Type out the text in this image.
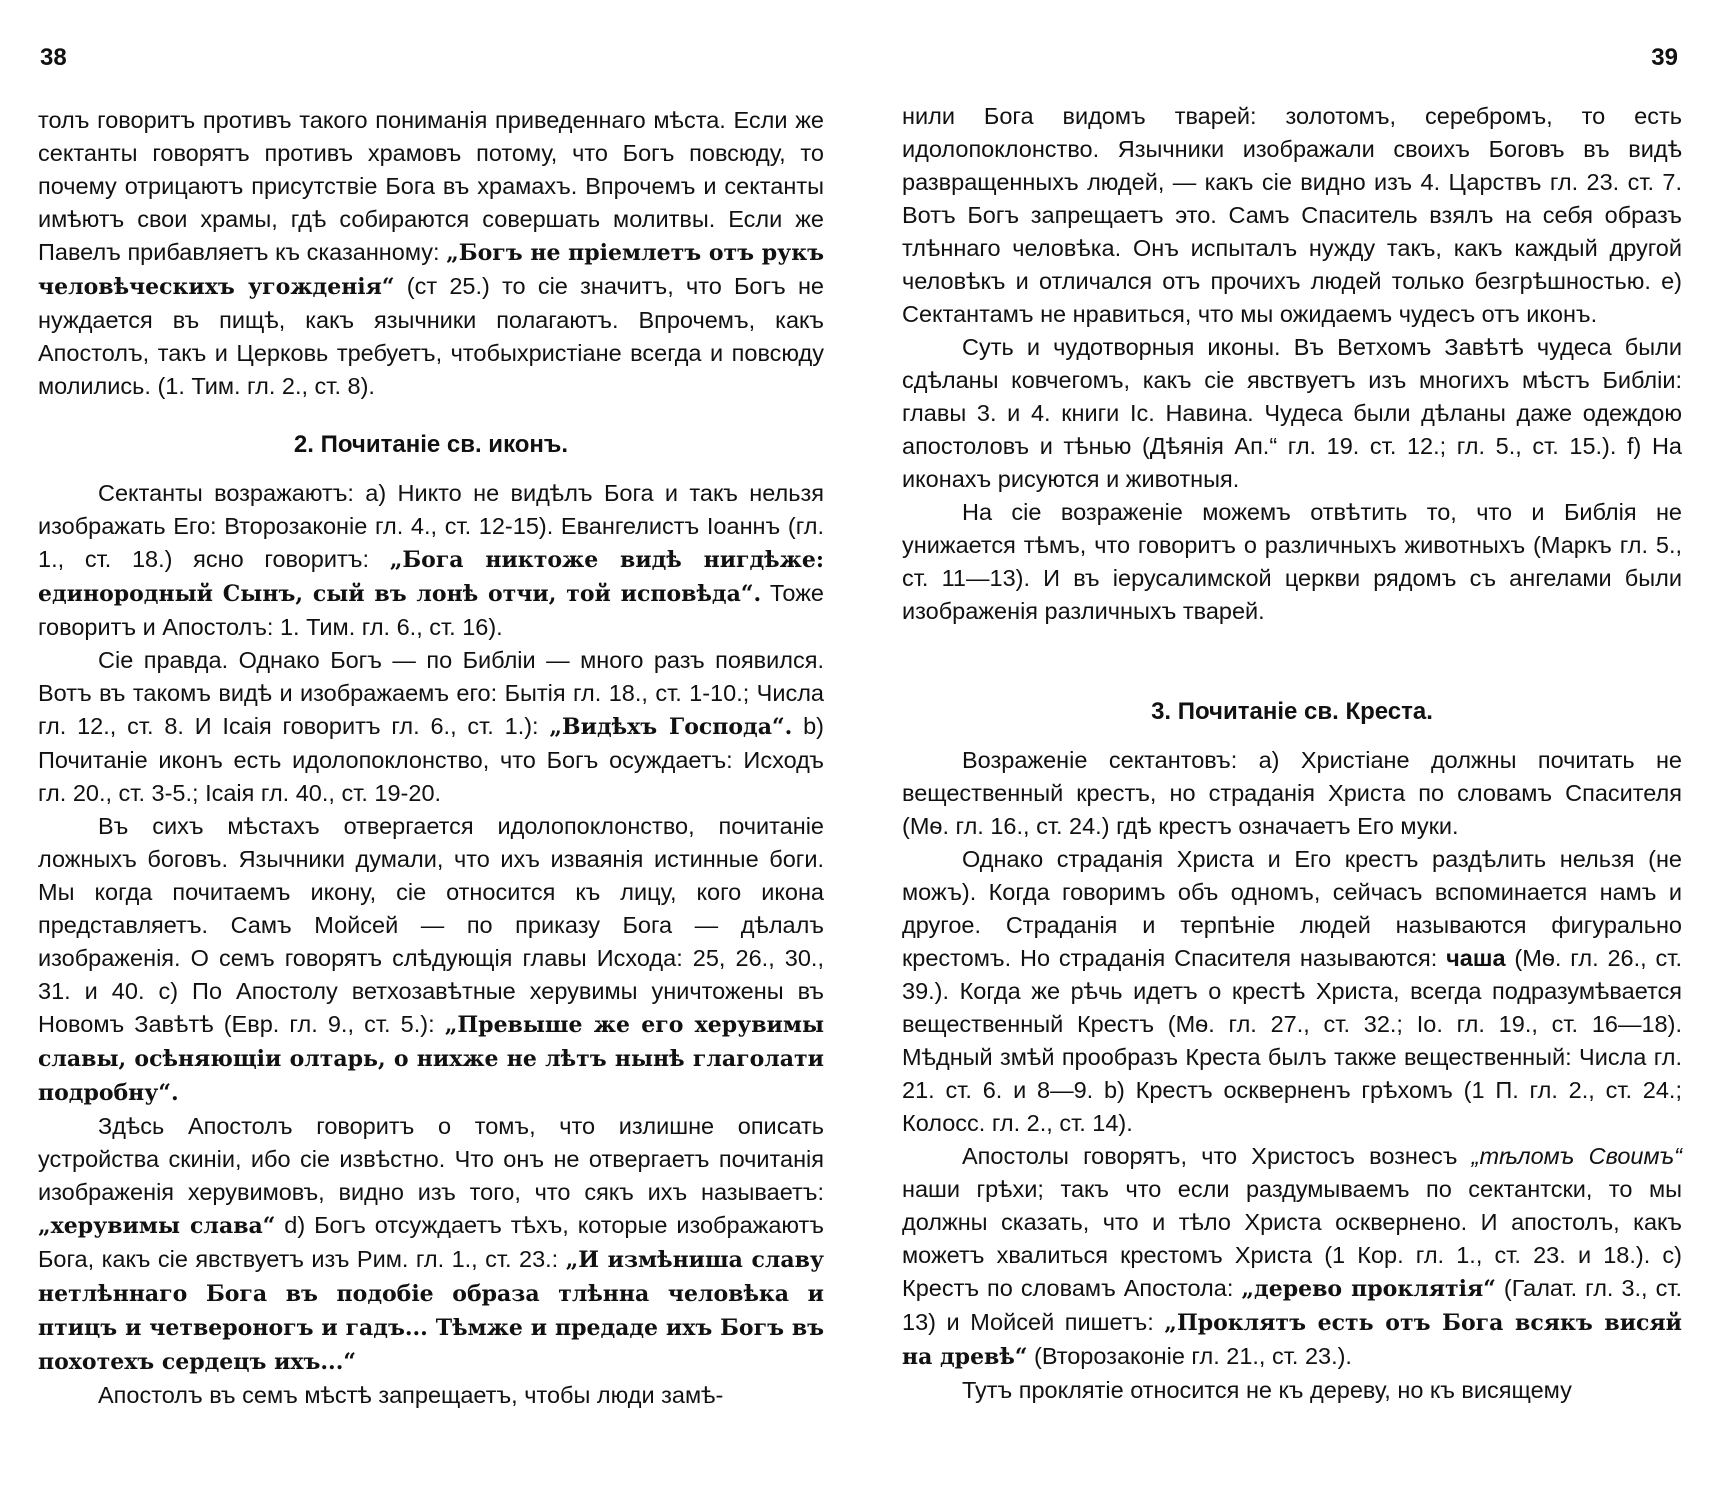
38

толъ говоритъ противъ такого пониманія приведеннаго мѣста. Если же сектанты говорятъ противъ храмовъ потому, что Богъ повсюду, то почему отрицаютъ присутствіе Бога въ храмахъ. Впрочемъ и сектанты имѣютъ свои храмы, гдѣ собираются совершать молитвы. Если же Павелъ прибавляетъ къ сказанному: „Богъ не пріемлетъ отъ рукъ человѣческихъ угожденія“ (ст 25.) то сіе значитъ, что Богъ не нуждается въ пищѣ, какъ язычники полагаютъ. Впрочемъ, какъ Апостолъ, такъ и Церковь требуетъ, чтобыхристіане всегда и повсюду молились. (1. Тим. гл. 2., ст. 8).

2. Почитаніе св. иконъ.

Сектанты возражаютъ: а) Никто не видѣлъ Бога и такъ нельзя изображать Его: Второзаконіе гл. 4., ст. 12-15). Евангелистъ Іоаннъ (гл. 1., ст. 18.) ясно говоритъ: „Бога никтоже видѣ нигдѣже: единородный Сынъ, сый въ лонѣ отчи, той исповѣда“. Тоже говоритъ и Апостолъ: 1. Тим. гл. 6., ст. 16).

Сіе правда. Однако Богъ — по Библіи — много разъ появился. Вотъ въ такомъ видѣ и изображаемъ его: Бытія гл. 18., ст. 1-10.; Числа гл. 12., ст. 8. И Ісаія говоритъ гл. 6., ст. 1.): „Видѣхъ Господа“. b) Почитаніе иконъ есть идолопоклонство, что Богъ осуждаетъ: Исходъ гл. 20., ст. 3-5.; Ісаія гл. 40., ст. 19-20.

Въ сихъ мѣстахъ отвергается идолопоклонство, почитаніе ложныхъ боговъ. Язычники думали, что ихъ изваянія истинные боги. Мы когда почитаемъ икону, сіе относится къ лицу, кого икона представляетъ. Самъ Мойсей — по приказу Бога — дѣлалъ изображенія. О семъ говорятъ слѣдующія главы Исхода: 25, 26., 30., 31. и 40. c) По Апостолу ветхозавѣтные херувимы уничтожены въ Новомъ Завѣтѣ (Евр. гл. 9., ст. 5.): „Превыше же его херувимы славы, осѣняющіи олтарь, о нихже не лѣтъ нынѣ глаголати подробну“.

Здѣсь Апостолъ говоритъ о томъ, что излишне описать устройства скиніи, ибо сіе извѣстно. Что онъ не отвергаетъ почитанія изображенія херувимовъ, видно изъ того, что сякъ ихъ называетъ: „херувимы слава“ d) Богъ отсуждаетъ тѣхъ, которые изображаютъ Бога, какъ сіе явствуетъ изъ Рим. гл. 1., ст. 23.: „И измѣниша славу нетлѣннаго Бога въ подобіе образа тлѣнна человѣка и птицъ и четвероногъ и гадъ... Тѣмже и предаде ихъ Богъ въ похотехъ сердецъ ихъ...“

Апостолъ въ семъ мѣстѣ запрещаетъ, чтобы люди замѣ-

39

нили Бога видомъ тварей: золотомъ, серебромъ, то есть идолопоклонство. Язычники изображали своихъ Боговъ въ видѣ развращенныхъ людей, — какъ сіе видно изъ 4. Царствъ гл. 23. ст. 7. Вотъ Богъ запрещаетъ это. Самъ Спаситель взялъ на себя образъ тлѣннаго человѣка. Онъ испыталъ нужду такъ, какъ каждый другой человѣкъ и отличался отъ прочихъ людей только безгрѣшностью. e) Сектантамъ не нравиться, что мы ожидаемъ чудесъ отъ иконъ.

Суть и чудотворныя иконы. Въ Ветхомъ Завѣтѣ чудеса были сдѣланы ковчегомъ, какъ сіе явствуетъ изъ многихъ мѣстъ Библіи: главы 3. и 4. книги Іс. Навина. Чудеса были дѣланы даже одеждою апостоловъ и тѣнью (Дѣянія Ап.“ гл. 19. ст. 12.; гл. 5., ст. 15.). f) На иконахъ рисуются и животныя.

На сіе возраженіе можемъ отвѣтить то, что и Библія не унижается тѣмъ, что говоритъ о различныхъ животныхъ (Маркъ гл. 5., ст. 11—13). И въ іерусалимской церкви рядомъ съ ангелами были изображенія различныхъ тварей.

3. Почитаніе св. Креста.

Возраженіе сектантовъ: а) Христіане должны почитать не вещественный крестъ, но страданія Христа по словамъ Спасителя (Мѳ. гл. 16., ст. 24.) гдѣ крестъ означаетъ Его муки.

Однако страданія Христа и Его крестъ раздѣлить нельзя (не можъ). Когда говоримъ объ одномъ, сейчасъ вспоминается намъ и другое. Страданія и терпѣніе людей называются фигурально крестомъ. Но страданія Спасителя называются: чаша (Мѳ. гл. 26., ст. 39.). Когда же рѣчь идетъ о крестѣ Христа, всегда подразумѣвается вещественный Крестъ (Мѳ. гл. 27., ст. 32.; Іо. гл. 19., ст. 16—18). Мѣдный змѣй прообразъ Креста былъ также вещественный: Числа гл. 21. ст. 6. и 8—9. b) Крестъ оскверненъ грѣхомъ (1 П. гл. 2., ст. 24.; Колосс. гл. 2., ст. 14).

Апостолы говорятъ, что Христосъ вознесъ „тѣломъ Своимъ“ наши грѣхи; такъ что если раздумываемъ по сектантски, то мы должны сказать, что и тѣло Христа осквернено. И апостолъ, какъ можетъ хвалиться крестомъ Христа (1 Кор. гл. 1., ст. 23. и 18.). c) Крестъ по словамъ Апостола: „дерево проклятія“ (Галат. гл. 3., ст. 13) и Мойсей пишетъ: „Проклятъ есть отъ Бога всякъ висяй на древѣ“ (Второзаконіе гл. 21., ст. 23.).

Тутъ проклятіе относится не къ дереву, но къ висящему
